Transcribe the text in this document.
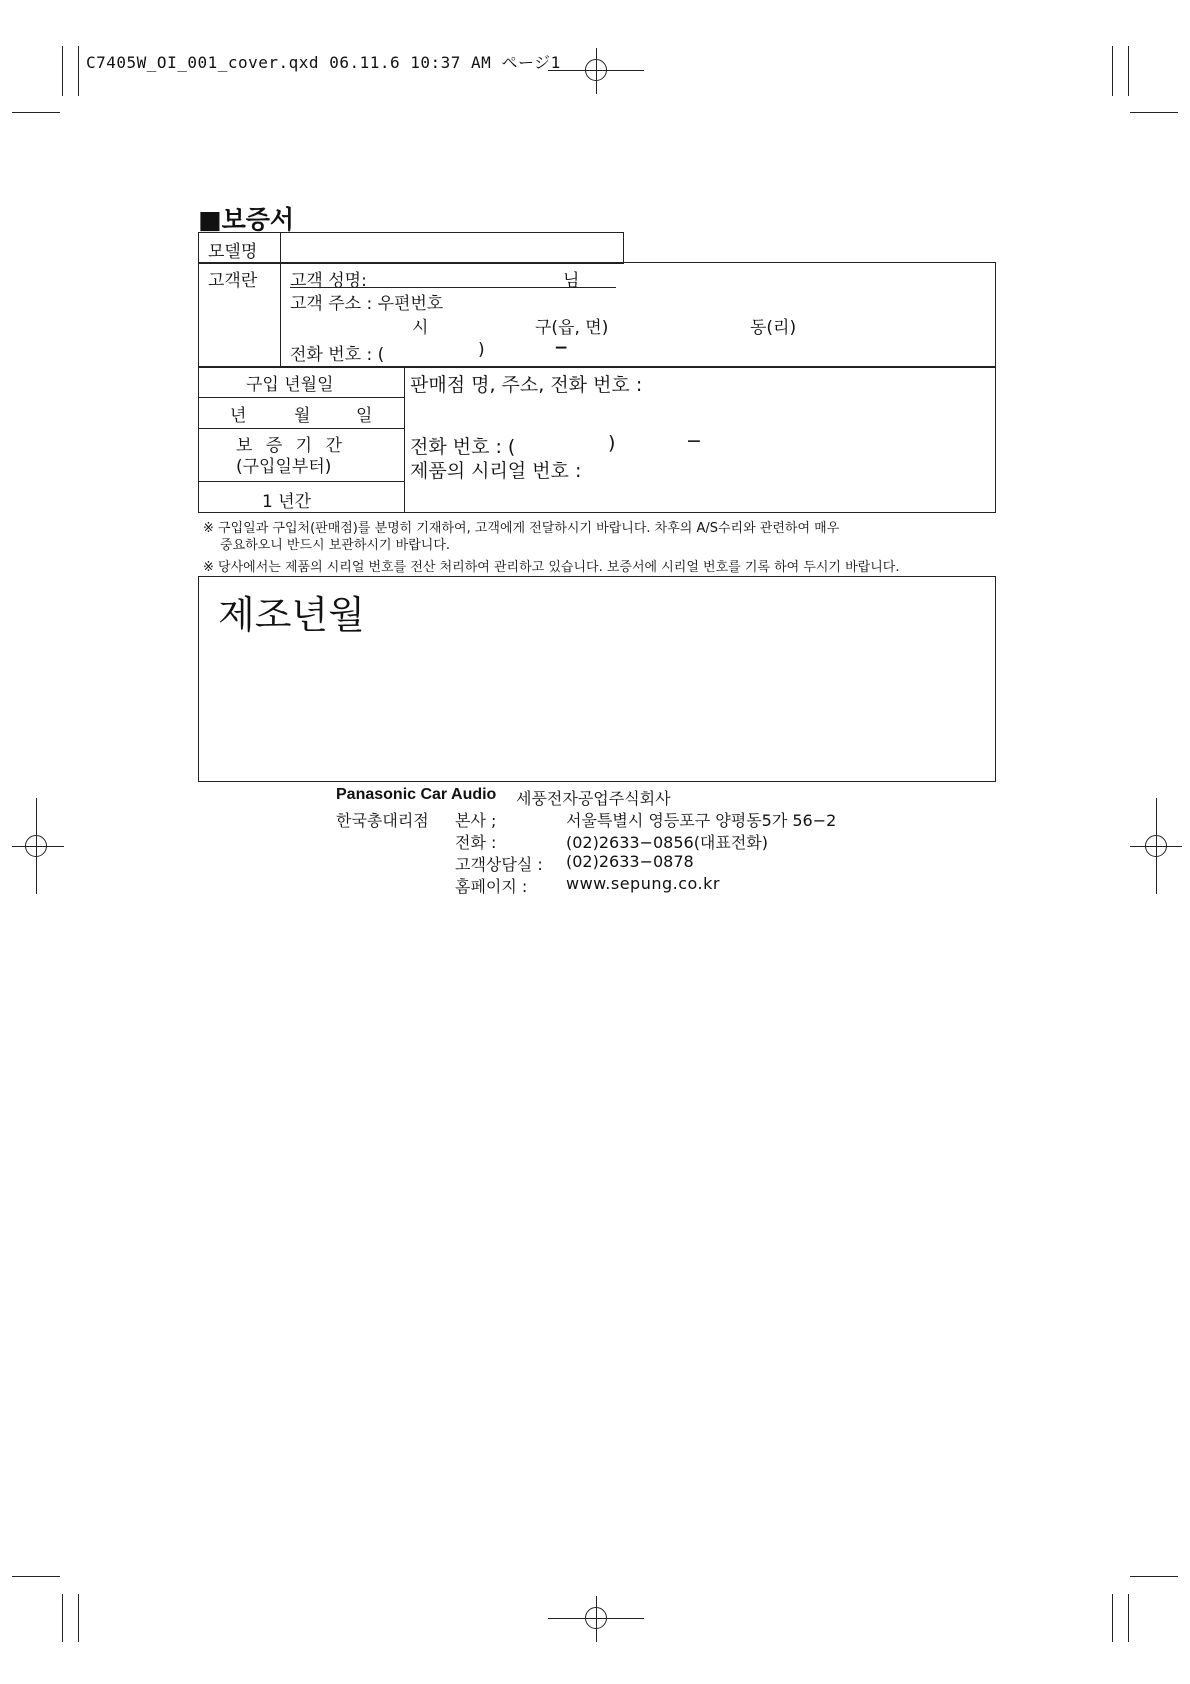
C7405W_OI_001_cover.qxd 06.11.6 10:37 AM ページ1
■보증서
모델명
고객란 고객 성명:	님
고객 주소 : 우편번호
시	구(읍, 면)	동(리)
전화 번호 : (	)	−
구입 년월일
년	월	일
보 증 기 간
(구입일부터)
1 년간
판매점 명, 주소, 전화 번호 :
전화 번호 : (	)	−
제품의 시리얼 번호 :
※ 구입일과 구입처(판매점)를 분명히 기재하여, 고객에게 전달하시기 바랍니다. 차후의 A/S수리와 관련하여 매우
중요하오니 반드시 보관하시기 바랍니다.
※ 당사에서는 제품의 시리얼 번호를 전산 처리하여 관리하고 있습니다. 보증서에 시리얼 번호를 기록 하여 두시기 바랍니다.
제조년월
Panasonic Car Audio 세풍전자공업주식회사
한국총대리점 본사 ;	서울특별시 영등포구 양평동5가 56−2
전화 :	(02)2633−0856(대표전화)
고객상담실 : (02)2633−0878
홈페이지 : www.sepung.co.kr
